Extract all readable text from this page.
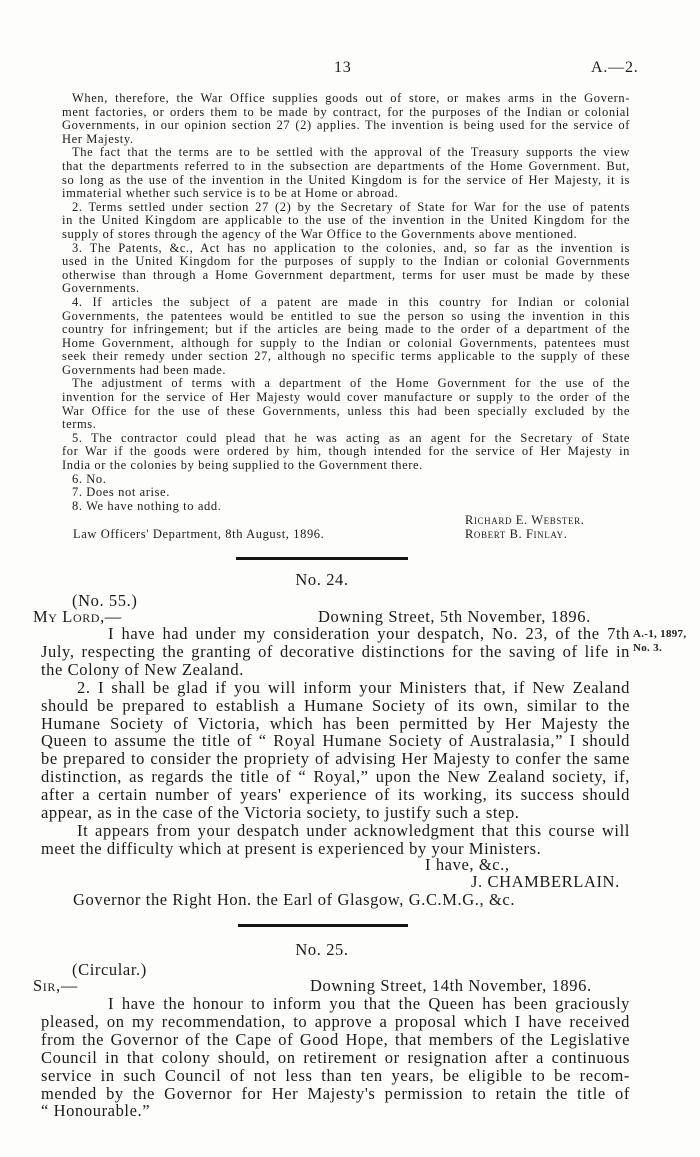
13	A.—2.
When, therefore, the War Office supplies goods out of store, or makes arms in the Govern-
ment factories, or orders them to be made by contract, for the purposes of the Indian or colonial
Governments, in our opinion section 27 (2) applies. The invention is being used for the service of
Her Majesty.
The fact that the terms are to be settled with the approval of the Treasury supports the view
that the departments referred to in the subsection are departments of the Home Government. But,
so long as the use of the invention in the United Kingdom is for the service of Her Majesty, it is
immaterial whether such service is to be at Home or abroad.
2. Terms settled under section 27 (2) by the Secretary of State for War for the use of patents
in the United Kingdom are applicable to the use of the invention in the United Kingdom for the
supply of stores through the agency of the War Office to the Governments above mentioned.
3. The Patents, &c., Act has no application to the colonies, and, so far as the invention is
used in the United Kingdom for the purposes of supply to the Indian or colonial Governments
otherwise than through a Home Government department, terms for user must be made by these
Governments.
4. If articles the subject of a patent are made in this country for Indian or colonial
Governments, the patentees would be entitled to sue the person so using the invention in this
country for infringement; but if the articles are being made to the order of a department of the
Home Government, although for supply to the Indian or colonial Governments, patentees must
seek their remedy under section 27, although no specific terms applicable to the supply of these
Governments had been made.
The adjustment of terms with a department of the Home Government for the use of the
invention for the service of Her Majesty would cover manufacture or supply to the order of the
War Office for the use of these Governments, unless this had been specially excluded by the
terms.
5. The contractor could plead that he was acting as an agent for the Secretary of State
for War if the goods were ordered by him, though intended for the service of Her Majesty in
India or the colonies by being supplied to the Government there.
6. No.
7. Does not arise.
8. We have nothing to add.
Richard E. Webster.
Robert B. Finlay.
Law Officers' Department, 8th August, 1896.
No. 24.
(No. 55.)
My Lord,—	Downing Street, 5th November, 1896.
A.-1, 1897,
No. 3.
I have had under my consideration your despatch, No. 23, of the 7th
July, respecting the granting of decorative distinctions for the saving of life in
the Colony of New Zealand.
2. I shall be glad if you will inform your Ministers that, if New Zealand
should be prepared to establish a Humane Society of its own, similar to the
Humane Society of Victoria, which has been permitted by Her Majesty the
Queen to assume the title of “ Royal Humane Society of Australasia,” I should
be prepared to consider the propriety of advising Her Majesty to confer the same
distinction, as regards the title of “ Royal,” upon the New Zealand society, if,
after a certain number of years' experience of its working, its success should
appear, as in the case of the Victoria society, to justify such a step.
It appears from your despatch under acknowledgment that this course will
meet the difficulty which at present is experienced by your Ministers.
I have, &c.,
J. CHAMBERLAIN.
Governor the Right Hon. the Earl of Glasgow, G.C.M.G., &c.
No. 25.
(Circular.)
Sir,—	Downing Street, 14th November, 1896.
I have the honour to inform you that the Queen has been graciously
pleased, on my recommendation, to approve a proposal which I have received
from the Governor of the Cape of Good Hope, that members of the Legislative
Council in that colony should, on retirement or resignation after a continuous
service in such Council of not less than ten years, be eligible to be recom-
mended by the Governor for Her Majesty's permission to retain the title of
“ Honourable.”
